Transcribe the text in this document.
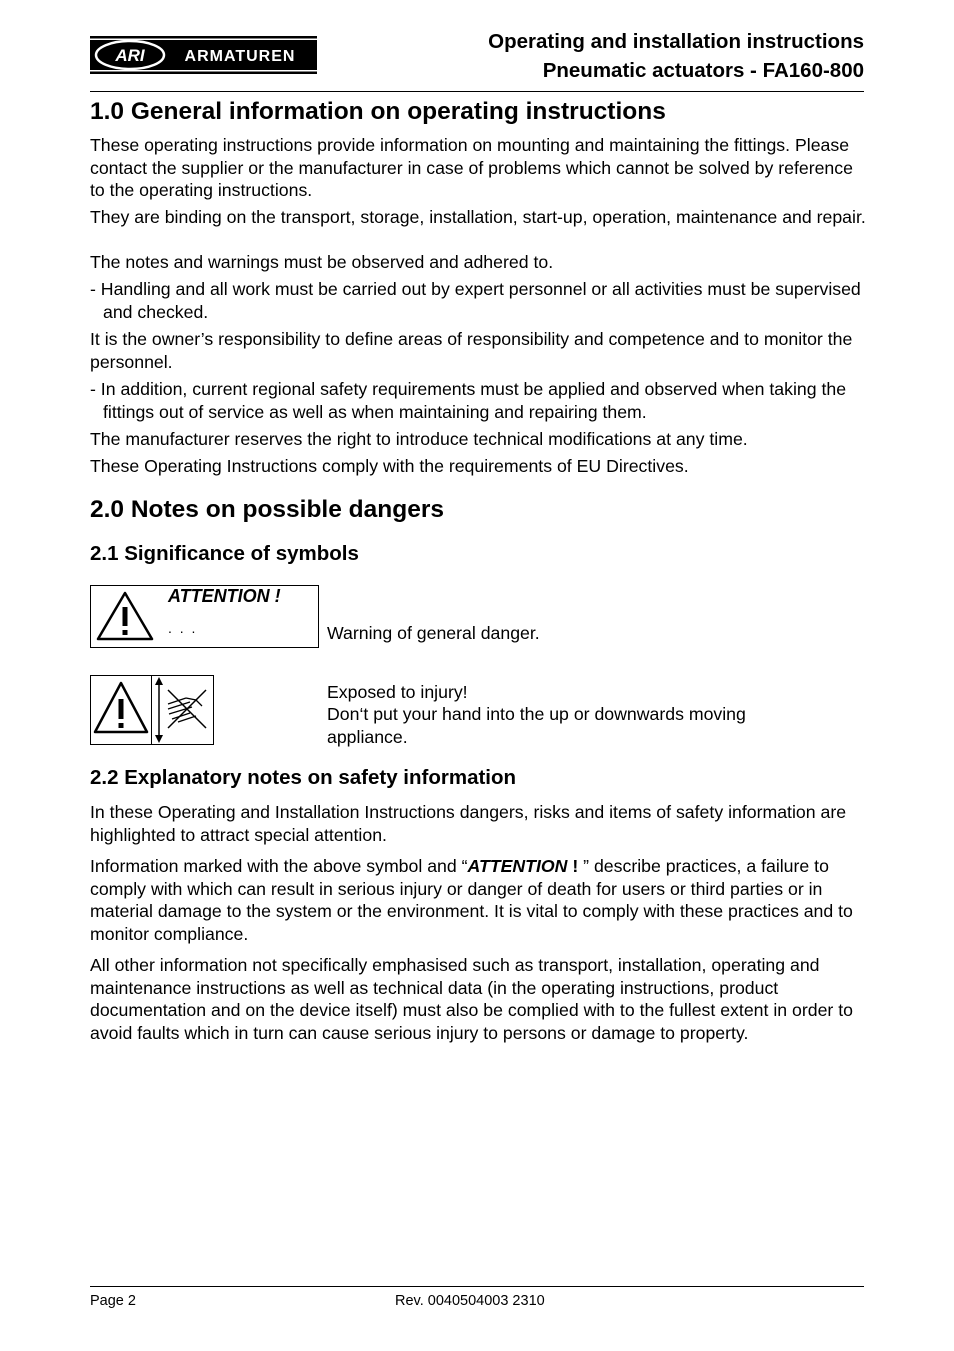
ARI ARMATUREN
Operating and installation instructions
Pneumatic actuators - FA160-800
1.0 General information on operating instructions

These operating instructions provide information on mounting and maintaining the fittings. Please contact the supplier or the manufacturer in case of problems which cannot be solved by reference to the operating instructions.

They are binding on the transport, storage, installation, start-up, operation, maintenance and repair.

The notes and warnings must be observed and adhered to.

- Handling and all work must be carried out by expert personnel or all activities must be supervised and checked.

It is the owner’s responsibility to define areas of responsibility and competence and to monitor the personnel.

- In addition, current regional safety requirements must be applied and observed when taking the fittings out of service as well as when maintaining and repairing them.

The manufacturer reserves the right to introduce technical modifications at any time.

These Operating Instructions comply with the requirements of EU Directives.

2.0 Notes on possible dangers
2.1 Significance of symbols
ATTENTION !
. . .	Warning of general danger.

Exposed to injury!

Don‘t put your hand into the up or downwards moving appliance.

2.2 Explanatory notes on safety information

In these Operating and Installation Instructions dangers, risks and items of safety information are highlighted to attract special attention.

Information marked with the above symbol and “ATTENTION ! ” describe practices, a failure to comply with which can result in serious injury or danger of death for users or third parties or in material damage to the system or the environment. It is vital to comply with these practices and to monitor compliance.

All other information not specifically emphasised such as transport, installation, operating and maintenance instructions as well as technical data (in the operating instructions, product documentation and on the device itself) must also be complied with to the fullest extent in order to avoid faults which in turn can cause serious injury to persons or damage to property.

Page 2	Rev. 0040504003 2310
